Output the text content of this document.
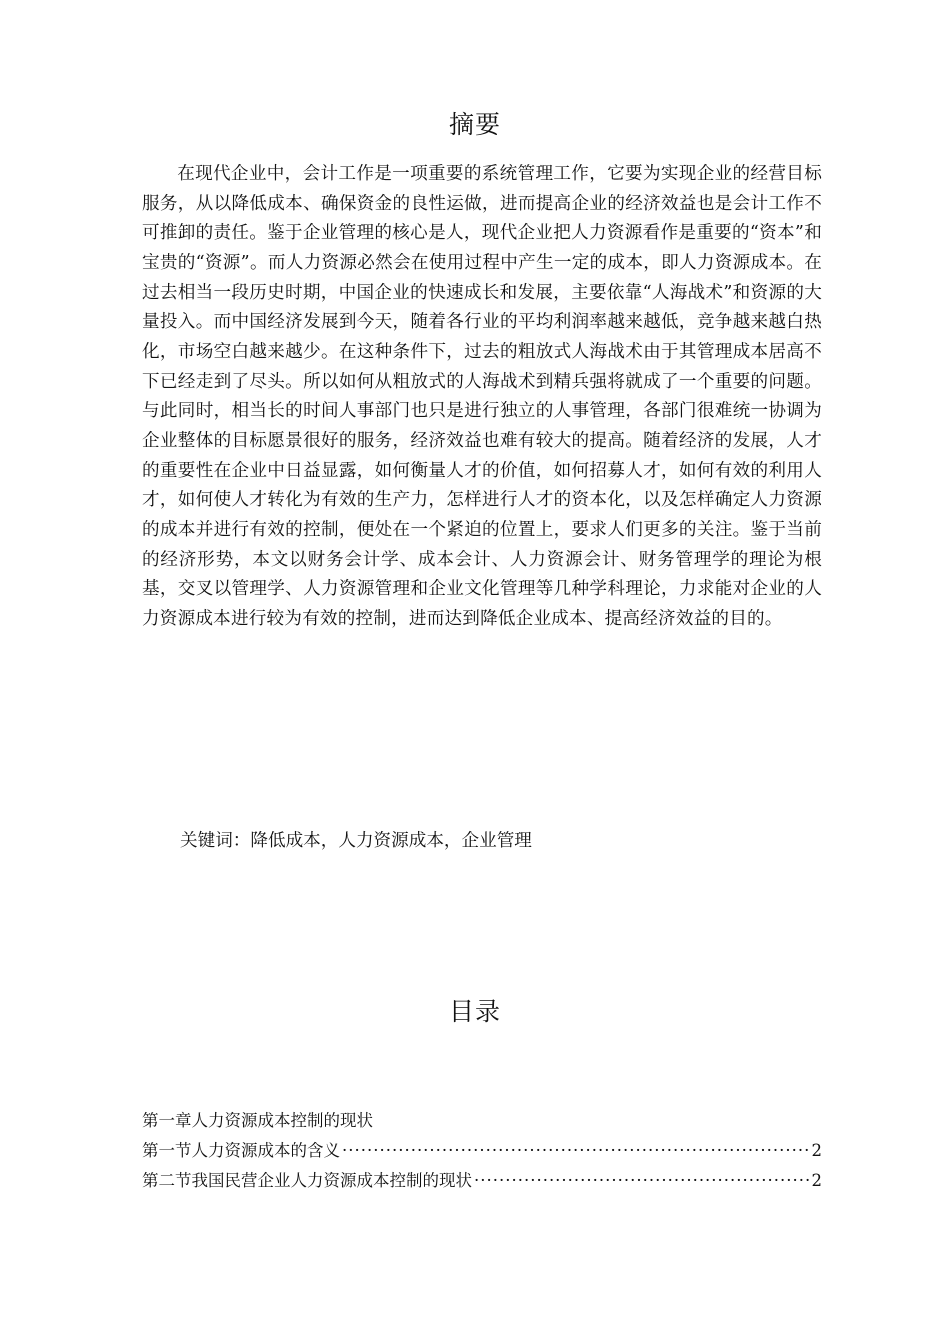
摘要

在现代企业中，会计工作是一项重要的系统管理工作，它要为实现企业的经营目标服务，从以降低成本、确保资金的良性运做，进而提高企业的经济效益也是会计工作不可推卸的责任。鉴于企业管理的核心是人，现代企业把人力资源看作是重要的“资本”和宝贵的“资源”。而人力资源必然会在使用过程中产生一定的成本，即人力资源成本。在过去相当一段历史时期，中国企业的快速成长和发展，主要依靠“人海战术”和资源的大量投入。而中国经济发展到今天，随着各行业的平均利润率越来越低，竞争越来越白热化，市场空白越来越少。在这种条件下，过去的粗放式人海战术由于其管理成本居高不下已经走到了尽头。所以如何从粗放式的人海战术到精兵强将就成了一个重要的问题。与此同时，相当长的时间人事部门也只是进行独立的人事管理，各部门很难统一协调为企业整体的目标愿景很好的服务，经济效益也难有较大的提高。随着经济的发展，人才的重要性在企业中日益显露，如何衡量人才的价值，如何招募人才，如何有效的利用人才，如何使人才转化为有效的生产力，怎样进行人才的资本化，以及怎样确定人力资源的成本并进行有效的控制，便处在一个紧迫的位置上，要求人们更多的关注。鉴于当前的经济形势，本文以财务会计学、成本会计、人力资源会计、财务管理学的理论为根基，交叉以管理学、人力资源管理和企业文化管理等几种学科理论，力求能对企业的人力资源成本进行较为有效的控制，进而达到降低企业成本、提高经济效益的目的。

关键词：降低成本，人力资源成本，企业管理
目录
第一章人力资源成本控制的现状
第一节人力资源成本的含义 ·····	2
第二节我国民营企业人力资源成本控制的现状 ·····	2
